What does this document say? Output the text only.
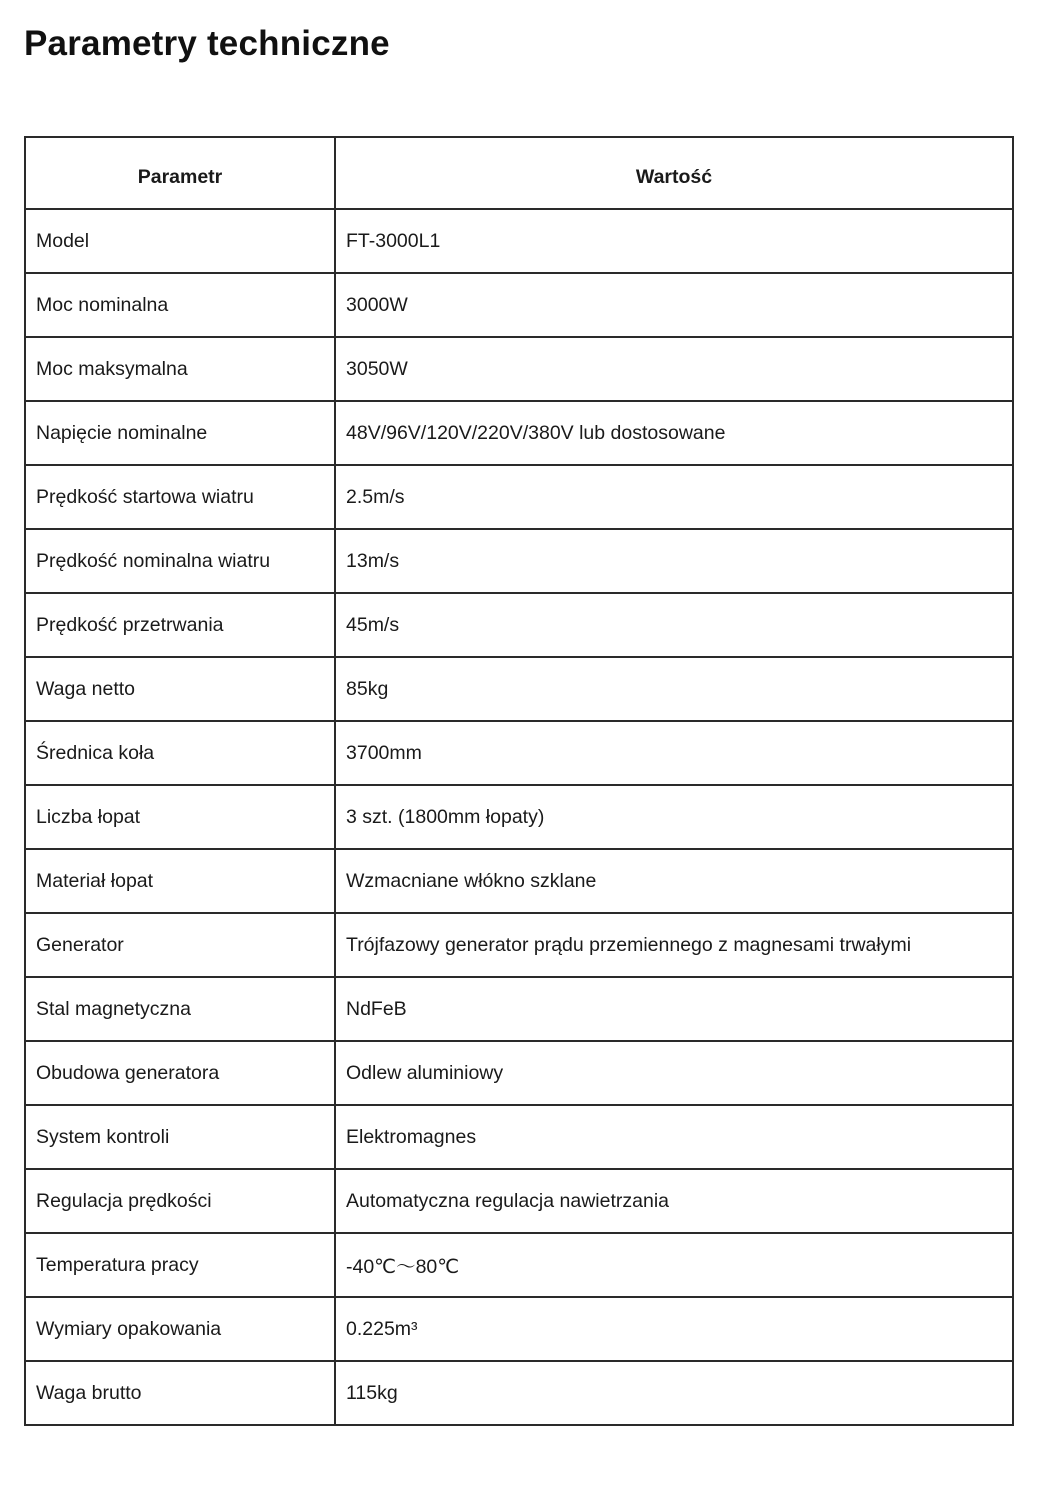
Parametry techniczne
Parametr	Wartość
Model	FT-3000L1
Moc nominalna	3000W
Moc maksymalna	3050W
Napięcie nominalne	48V/96V/120V/220V/380V lub dostosowane
Prędkość startowa wiatru	2.5m/s
Prędkość nominalna wiatru	13m/s
Prędkość przetrwania	45m/s
Waga netto	85kg
Średnica koła	3700mm
Liczba łopat	3 szt. (1800mm łopaty)
Materiał łopat	Wzmacniane włókno szklane
Generator	Trójfazowy generator prądu przemiennego z magnesami trwałymi
Stal magnetyczna	NdFeB
Obudowa generatora	Odlew aluminiowy
System kontroli	Elektromagnes
Regulacja prędkości	Automatyczna regulacja nawietrzania
Temperatura pracy	-40℃～80℃
Wymiary opakowania	0.225m³
Waga brutto	115kg
